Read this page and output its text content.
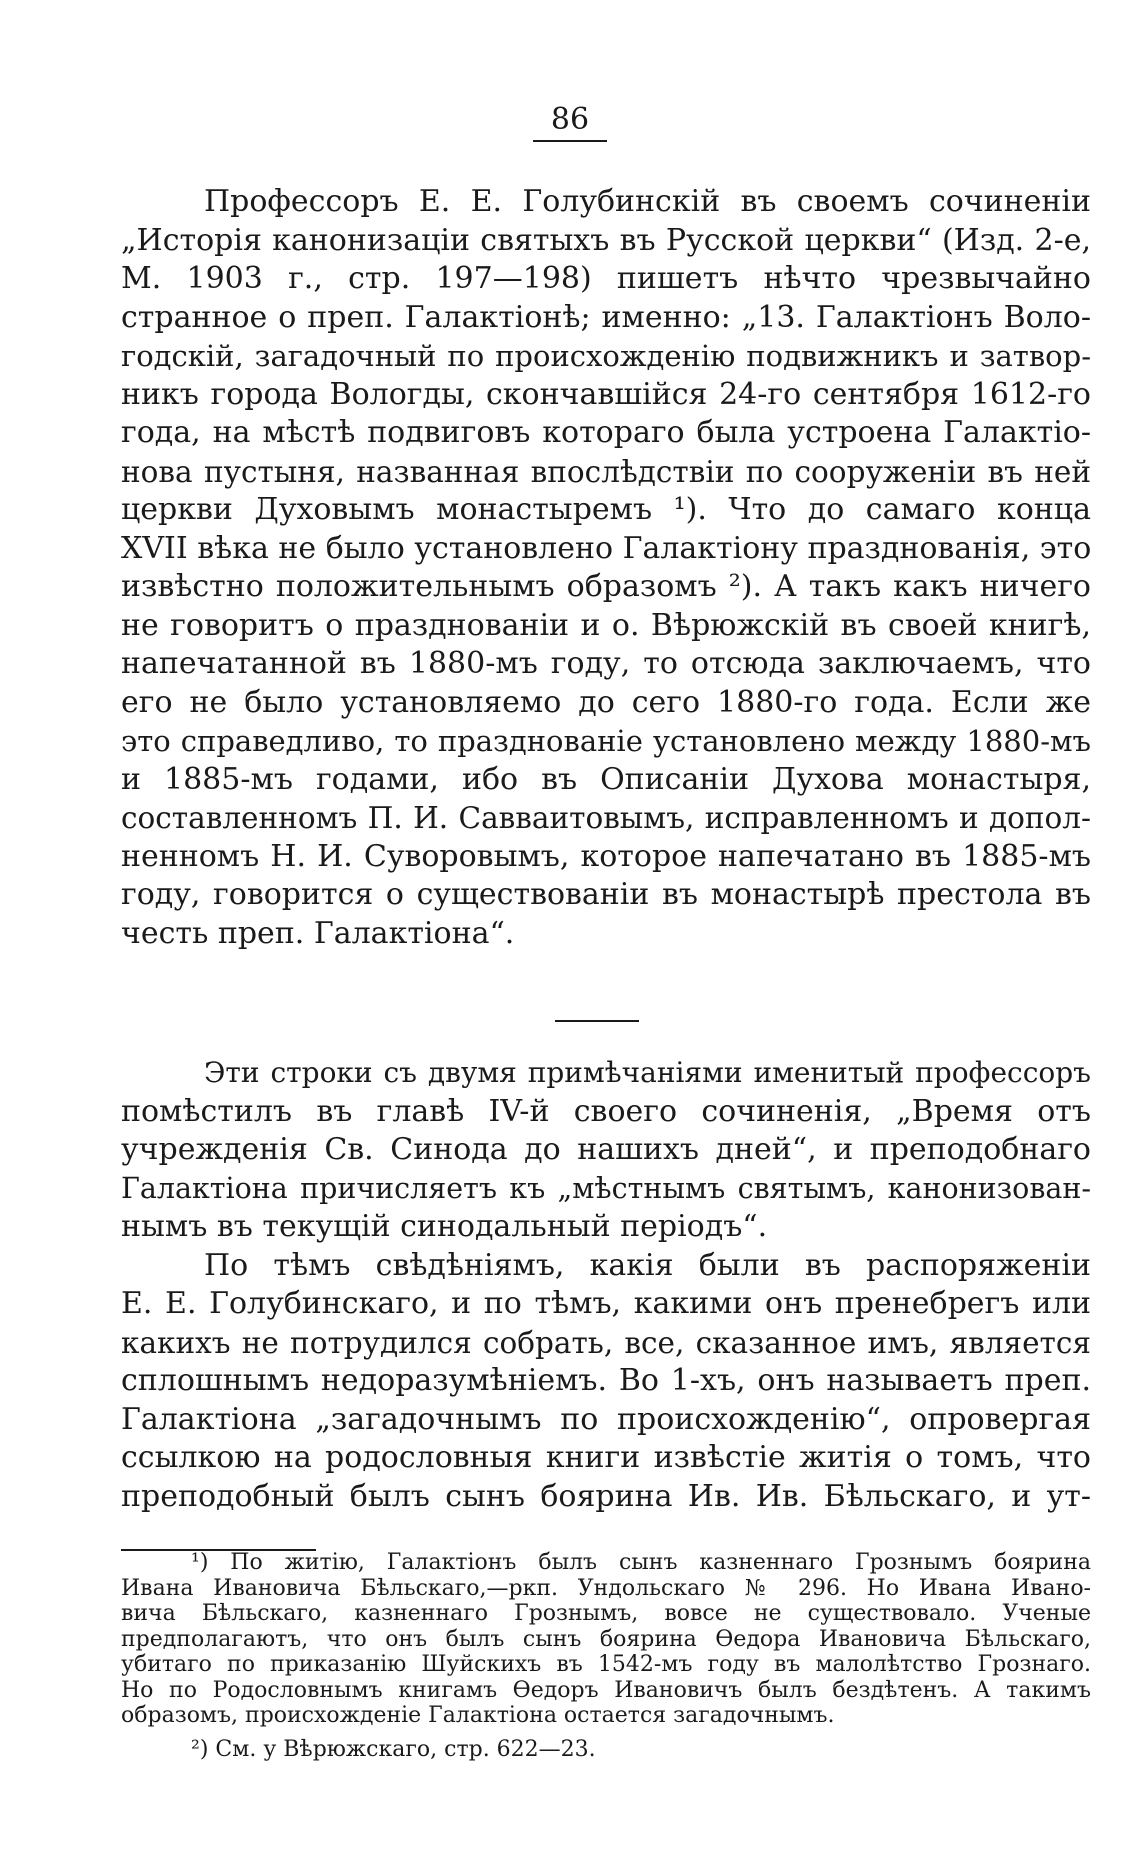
86
Профессоръ Е. Е. Голубинскій въ своемъ сочиненіи
„Исторія канонизаціи святыхъ въ Русской церкви“ (Изд. 2-е,
М. 1903 г., стр. 197—198) пишетъ нѣчто чрезвычайно
странное о преп. Галактіонѣ; именно: „13. Галактіонъ Воло-
годскій, загадочный по происхожденію подвижникъ и затвор-
никъ города Вологды, скончавшійся 24-го сентября 1612-го
года, на мѣстѣ подвиговъ котораго была устроена Галактіо-
нова пустыня, названная впослѣдствіи по сооруженіи въ ней
церкви Духовымъ монастыремъ ¹). Что до самаго конца
XVII вѣка не было установлено Галактіону празднованія, это
извѣстно положительнымъ образомъ ²). А такъ какъ ничего
не говоритъ о празднованіи и о. Вѣрюжскій въ своей книгѣ,
напечатанной въ 1880-мъ году, то отсюда заключаемъ, что
его не было установляемо до сего 1880-го года. Если же
это справедливо, то празднованіе установлено между 1880-мъ
и 1885-мъ годами, ибо въ Описаніи Духова монастыря,
составленномъ П. И. Савваитовымъ, исправленномъ и допол-
ненномъ Н. И. Суворовымъ, которое напечатано въ 1885-мъ
году, говорится о существованіи въ монастырѣ престола въ
честь преп. Галактіона“.
Эти строки съ двумя примѣчаніями именитый профессоръ
помѣстилъ въ главѣ IV-й своего сочиненія, „Время отъ
учрежденія Св. Синода до нашихъ дней“, и преподобнаго
Галактіона причисляетъ къ „мѣстнымъ святымъ, канонизован-
нымъ въ текущій синодальный періодъ“.
По тѣмъ свѣдѣніямъ, какія были въ распоряженіи
Е. Е. Голубинскаго, и по тѣмъ, какими онъ пренебрегъ или
какихъ не потрудился собрать, все, сказанное имъ, является
сплошнымъ недоразумѣніемъ. Во 1-хъ, онъ называетъ преп.
Галактіона „загадочнымъ по происхожденію“, опровергая
ссылкою на родословныя книги извѣстіе житія о томъ, что
преподобный былъ сынъ боярина Ив. Ив. Бѣльскаго, и ут-
¹) По житію, Галактіонъ былъ сынъ казненнаго Грознымъ боярина
Ивана Ивановича Бѣльскаго,—ркп. Ундольскаго № 296. Но Ивана Ивано-
вича Бѣльскаго, казненнаго Грознымъ, вовсе не существовало. Ученые
предполагаютъ, что онъ былъ сынъ боярина Ѳедора Ивановича Бѣльскаго,
убитаго по приказанію Шуйскихъ въ 1542-мъ году въ малолѣтство Грознаго.
Но по Родословнымъ книгамъ Ѳедоръ Ивановичъ былъ бездѣтенъ. А такимъ
образомъ, происхожденіе Галактіона остается загадочнымъ.
²) См. у Вѣрюжскаго, стр. 622—23.
